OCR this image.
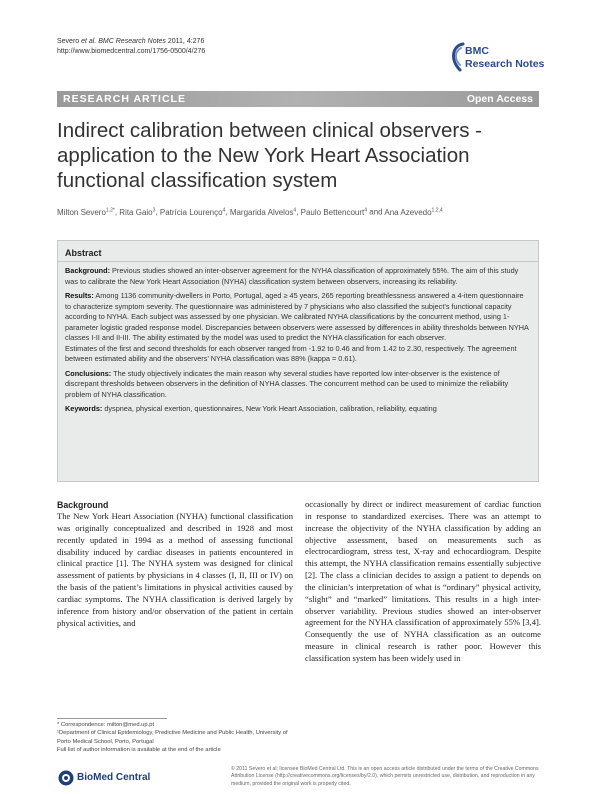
Severo et al. BMC Research Notes 2011, 4:276
http://www.biomedcentral.com/1756-0500/4/276	BMC
Research Notes
RESEARCH ARTICLE	Open Access
Indirect calibration between clinical observers - application to the New York Heart Association functional classification system
Milton Severo$^{1,2*}$, Rita Gaio$^3$, Patrícia Lourenço$^4$, Margarida Alvelos$^4$, Paulo Bettencourt$^4$ and Ana Azevedo$^{1,2,4}$
Abstract

Background: Previous studies showed an inter-observer agreement for the NYHA classification of approximately 55%. The aim of this study was to calibrate the New York Heart Association (NYHA) classification system between observers, increasing its reliability.

Results: Among 1136 community-dwellers in Porto, Portugal, aged ≥ 45 years, 265 reporting breathlessness answered a 4-item questionnaire to characterize symptom severity. The questionnaire was administered by 7 physicians who also classified the subject’s functional capacity according to NYHA. Each subject was assessed by one physician. We calibrated NYHA classifications by the concurrent method, using 1-parameter logistic graded response model. Discrepancies between observers were assessed by differences in ability thresholds between NYHA classes I-II and II-III. The ability estimated by the model was used to predict the NYHA classification for each observer.

Estimates of the first and second thresholds for each observer ranged from -1.92 to 0.46 and from 1.42 to 2.30, respectively. The agreement between estimated ability and the observers’ NYHA classification was 88% (kappa = 0.61).

Conclusions: The study objectively indicates the main reason why several studies have reported low inter-observer is the existence of discrepant thresholds between observers in the definition of NYHA classes. The concurrent method can be used to minimize the reliability problem of NYHA classification.

Keywords: dyspnea, physical exertion, questionnaires, New York Heart Association, calibration, reliability, equating

Background

The New York Heart Association (NYHA) functional classification was originally conceptualized and described in 1928 and most recently updated in 1994 as a method of assessing functional disability induced by cardiac diseases in patients encountered in clinical practice [1]. The NYHA system was designed for clinical assessment of patients by physicians in 4 classes (I, II, III or IV) on the basis of the patient’s limitations in physical activities caused by cardiac symptoms. The NYHA classification is derived largely by inference from history and/or observation of the patient in certain physical activities, and

occasionally by direct or indirect measurement of cardiac function in response to standardized exercises. There was an attempt to increase the objectivity of the NYHA classification by adding an objective assessment, based on measurements such as electrocardiogram, stress test, X-ray and echocardiogram. Despite this attempt, the NYHA classification remains essentially subjective [2]. The class a clinician decides to assign a patient to depends on the clinician’s interpretation of what is “ordinary” physical activity, “slight” and “marked” limitations. This results in a high inter-observer variability. Previous studies showed an inter-observer agreement for the NYHA classification of approximately 55% [3,4]. Consequently the use of NYHA classification as an outcome measure in clinical research is rather poor. However this classification system has been widely used in

* Correspondence: milton@med.up.pt

¹Department of Clinical Epidemiology, Predictive Medicine and Public Health, University of Porto Medical School, Porto, Portugal

Full list of author information is available at the end of the article

BioMed Central
© 2011 Severo et al; licensee BioMed Central Ltd. This is an open access article distributed under the terms of the Creative Commons Attribution License (http://creativecommons.org/licenses/by/2.0), which permits unrestricted use, distribution, and reproduction in any medium, provided the original work is properly cited.
